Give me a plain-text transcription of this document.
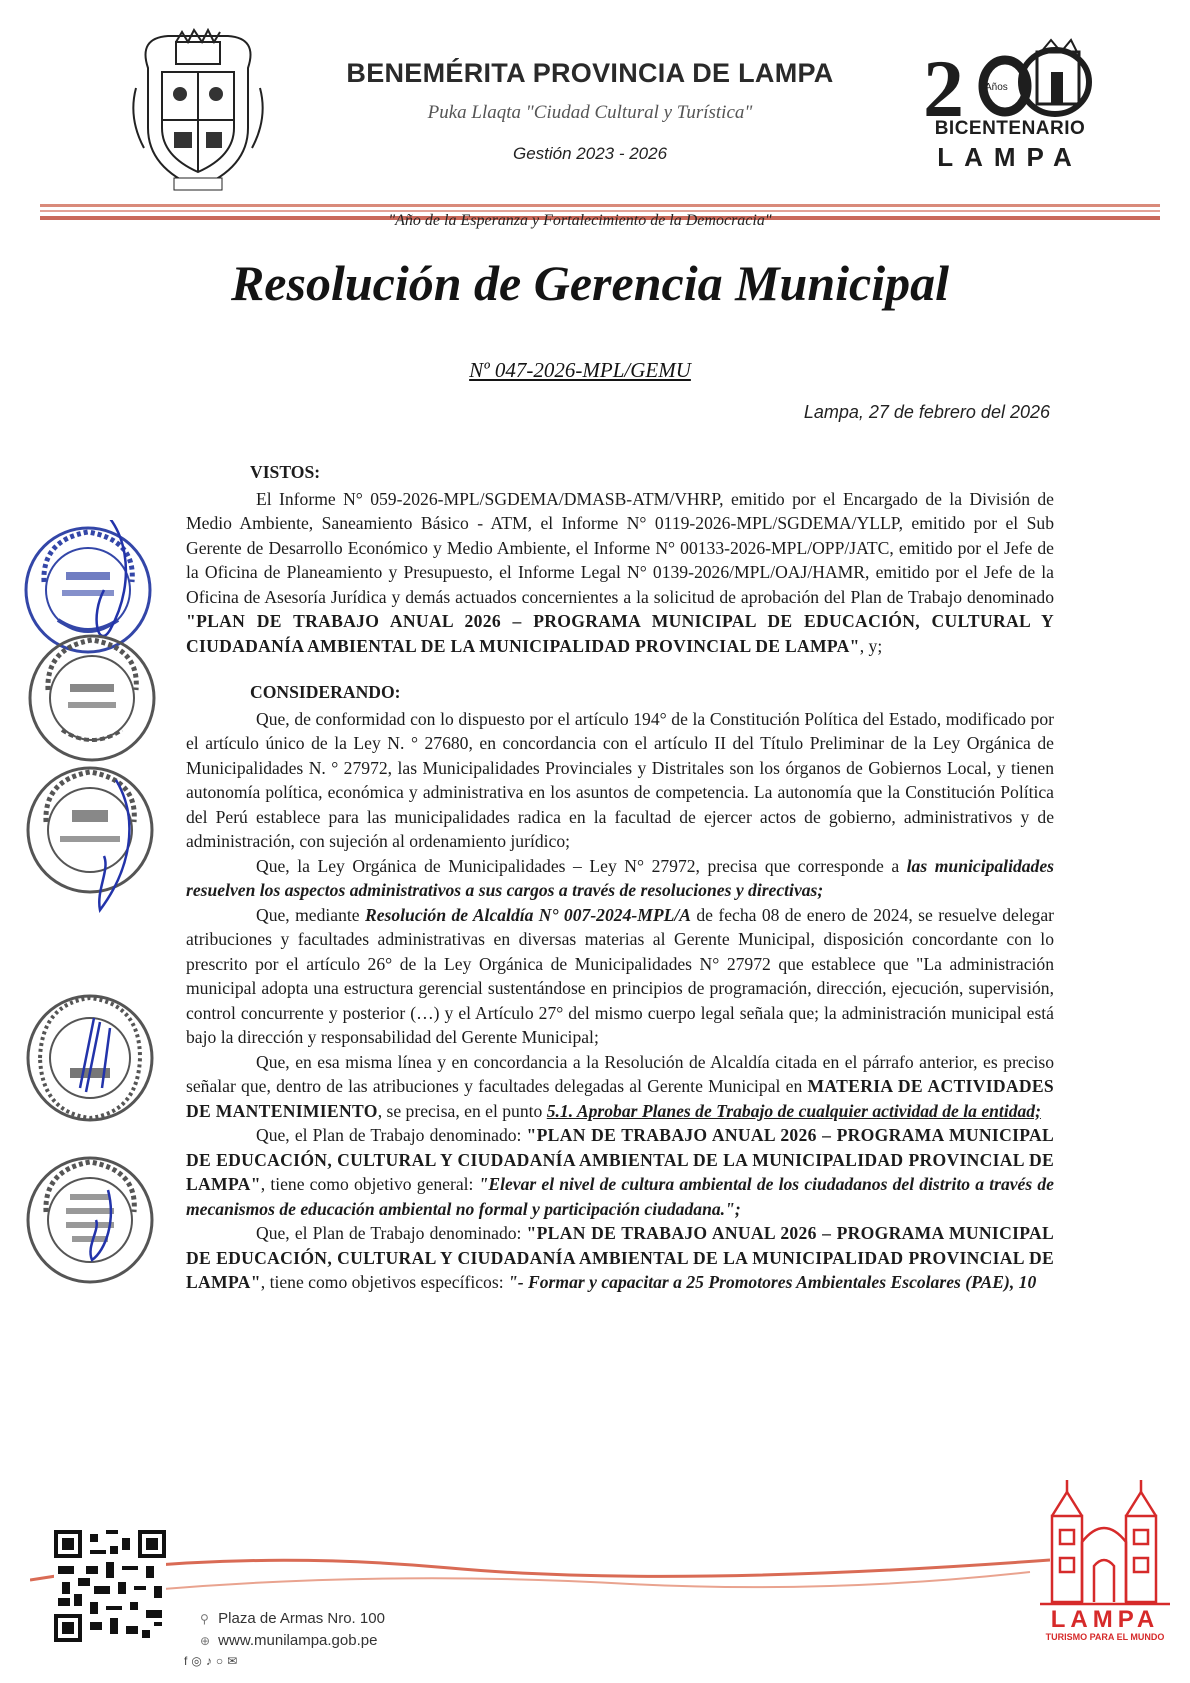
BENEMÉRITA PROVINCIA DE LAMPA
Puka Llaqta "Ciudad Cultural y Turística"
Gestión 2023 - 2026
2 Años
BICENTENARIO
LAMPA
"Año de la Esperanza y Fortalecimiento de la Democracia"
Resolución de Gerencia Municipal
Nº 047-2026-MPL/GEMU
Lampa, 27 de febrero del 2026

VISTOS:

El Informe N° 059-2026-MPL/SGDEMA/DMASB-ATM/VHRP, emitido por el Encargado de la División de Medio Ambiente, Saneamiento Básico - ATM, el Informe N° 0119-2026-MPL/SGDEMA/YLLP, emitido por el Sub Gerente de Desarrollo Económico y Medio Ambiente, el Informe N° 00133-2026-MPL/OPP/JATC, emitido por el Jefe de la Oficina de Planeamiento y Presupuesto, el Informe Legal N° 0139-2026/MPL/OAJ/HAMR, emitido por el Jefe de la Oficina de Asesoría Jurídica y demás actuados concernientes a la solicitud de aprobación del Plan de Trabajo denominado "PLAN DE TRABAJO ANUAL 2026 – PROGRAMA MUNICIPAL DE EDUCACIÓN, CULTURAL Y CIUDADANÍA AMBIENTAL DE LA MUNICIPALIDAD PROVINCIAL DE LAMPA", y;

CONSIDERANDO:

Que, de conformidad con lo dispuesto por el artículo 194° de la Constitución Política del Estado, modificado por el artículo único de la Ley N. ° 27680, en concordancia con el artículo II del Título Preliminar de la Ley Orgánica de Municipalidades N. ° 27972, las Municipalidades Provinciales y Distritales son los órganos de Gobiernos Local, y tienen autonomía política, económica y administrativa en los asuntos de competencia. La autonomía que la Constitución Política del Perú establece para las municipalidades radica en la facultad de ejercer actos de gobierno, administrativos y de administración, con sujeción al ordenamiento jurídico;

Que, la Ley Orgánica de Municipalidades – Ley N° 27972, precisa que corresponde a las municipalidades resuelven los aspectos administrativos a sus cargos a través de resoluciones y directivas;

Que, mediante Resolución de Alcaldía N° 007-2024-MPL/A de fecha 08 de enero de 2024, se resuelve delegar atribuciones y facultades administrativas en diversas materias al Gerente Municipal, disposición concordante con lo prescrito por el artículo 26° de la Ley Orgánica de Municipalidades N° 27972 que establece que "La administración municipal adopta una estructura gerencial sustentándose en principios de programación, dirección, ejecución, supervisión, control concurrente y posterior (…) y el Artículo 27° del mismo cuerpo legal señala que; la administración municipal está bajo la dirección y responsabilidad del Gerente Municipal;

Que, en esa misma línea y en concordancia a la Resolución de Alcaldía citada en el párrafo anterior, es preciso señalar que, dentro de las atribuciones y facultades delegadas al Gerente Municipal en MATERIA DE ACTIVIDADES DE MANTENIMIENTO, se precisa, en el punto 5.1. Aprobar Planes de Trabajo de cualquier actividad de la entidad;

Que, el Plan de Trabajo denominado: "PLAN DE TRABAJO ANUAL 2026 – PROGRAMA MUNICIPAL DE EDUCACIÓN, CULTURAL Y CIUDADANÍA AMBIENTAL DE LA MUNICIPALIDAD PROVINCIAL DE LAMPA", tiene como objetivo general: "Elevar el nivel de cultura ambiental de los ciudadanos del distrito a través de mecanismos de educación ambiental no formal y participación ciudadana.";

Que, el Plan de Trabajo denominado: "PLAN DE TRABAJO ANUAL 2026 – PROGRAMA MUNICIPAL DE EDUCACIÓN, CULTURAL Y CIUDADANÍA AMBIENTAL DE LA MUNICIPALIDAD PROVINCIAL DE LAMPA", tiene como objetivos específicos: "- Formar y capacitar a 25 Promotores Ambientales Escolares (PAE), 10

⚲ Plaza de Armas Nro. 100
⊕ www.munilampa.gob.pe
f◎♪○✉
LAMPA
TURISMO PARA EL MUNDO
